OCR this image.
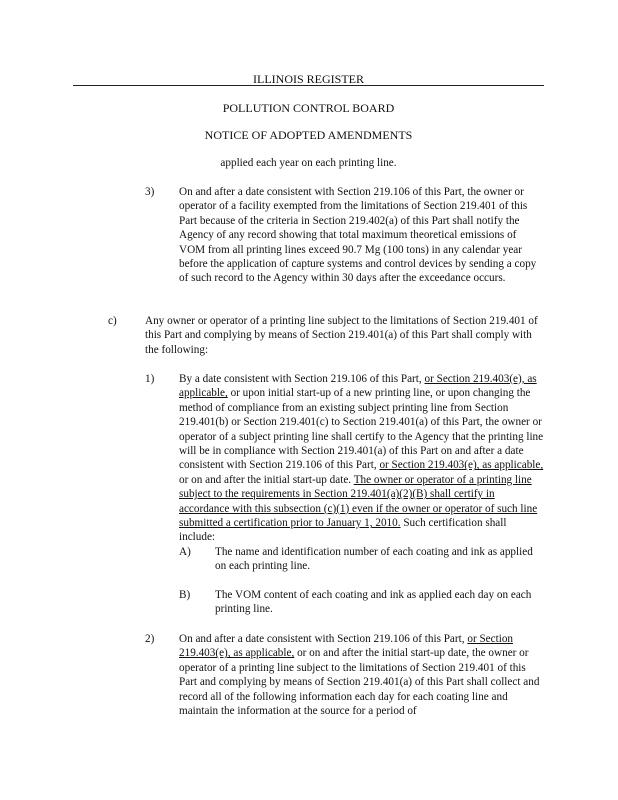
ILLINOIS REGISTER
POLLUTION CONTROL BOARD
NOTICE OF ADOPTED AMENDMENTS
applied each year on each printing line.
3) On and after a date consistent with Section 219.106 of this Part, the owner or operator of a facility exempted from the limitations of Section 219.401 of this Part because of the criteria in Section 219.402(a) of this Part shall notify the Agency of any record showing that total maximum theoretical emissions of VOM from all printing lines exceed 90.7 Mg (100 tons) in any calendar year before the application of capture systems and control devices by sending a copy of such record to the Agency within 30 days after the exceedance occurs.
c)	Any owner or operator of a printing line subject to the limitations of Section 219.401 of this Part and complying by means of Section 219.401(a) of this Part shall comply with the following:
1) By a date consistent with Section 219.106 of this Part, or Section 219.403(e), as applicable, or upon initial start-up of a new printing line, or upon changing the method of compliance from an existing subject printing line from Section 219.401(b) or Section 219.401(c) to Section 219.401(a) of this Part, the owner or operator of a subject printing line shall certify to the Agency that the printing line will be in compliance with Section 219.401(a) of this Part on and after a date consistent with Section 219.106 of this Part, or Section 219.403(e), as applicable, or on and after the initial start-up date. The owner or operator of a printing line subject to the requirements in Section 219.401(a)(2)(B) shall certify in accordance with this subsection (c)(1) even if the owner or operator of such line submitted a certification prior to January 1, 2010. Such certification shall include:
A) The name and identification number of each coating and ink as applied on each printing line.
B) The VOM content of each coating and ink as applied each day on each printing line.
2) On and after a date consistent with Section 219.106 of this Part, or Section 219.403(e), as applicable, or on and after the initial start-up date, the owner or operator of a printing line subject to the limitations of Section 219.401 of this Part and complying by means of Section 219.401(a) of this Part shall collect and record all of the following information each day for each coating line and maintain the information at the source for a period of
